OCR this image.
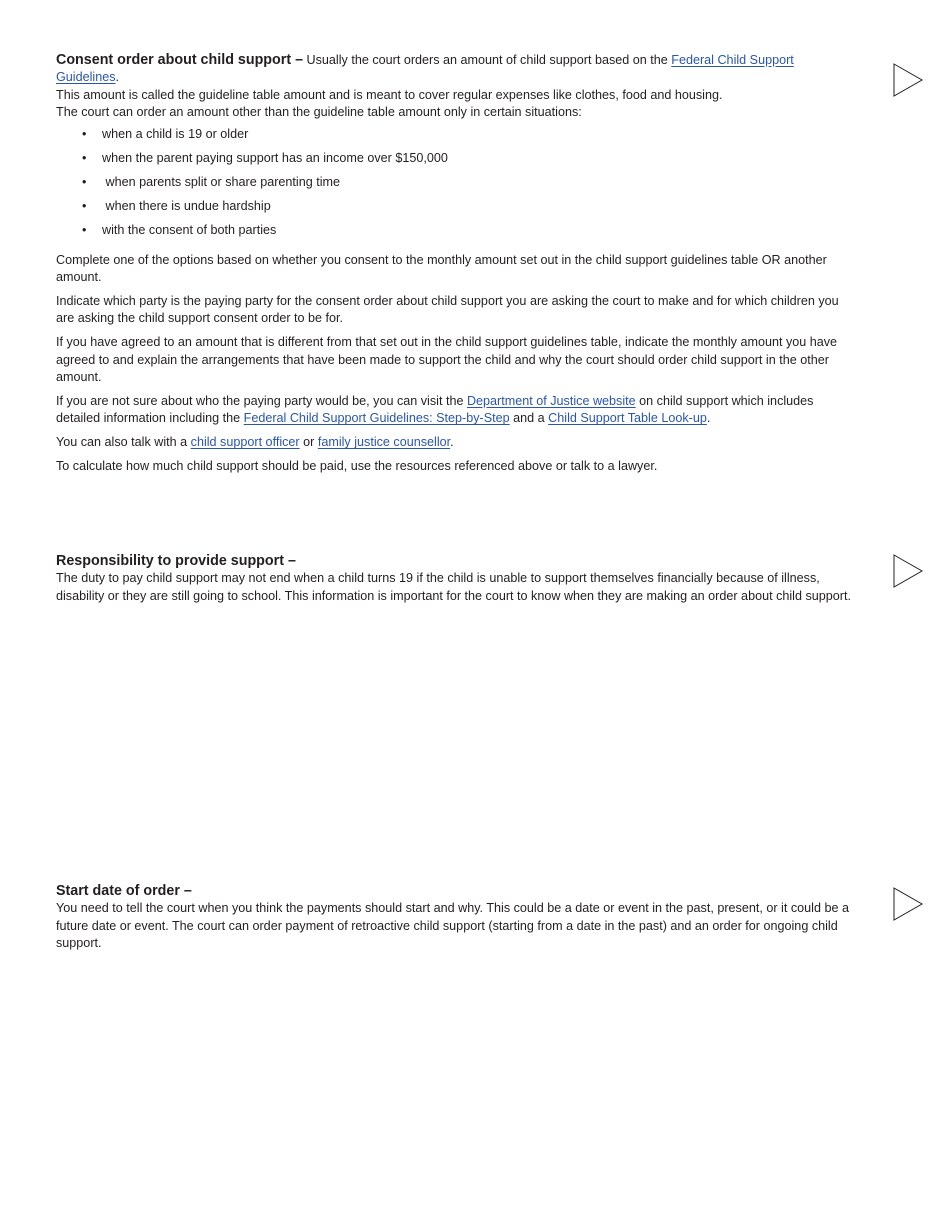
Consent order about child support – Usually the court orders an amount of child support based on the Federal Child Support Guidelines.

This amount is called the guideline table amount and is meant to cover regular expenses like clothes, food and housing.

The court can order an amount other than the guideline table amount only in certain situations:

• when a child is 19 or older
• when the parent paying support has an income over $150,000
• when parents split or share parenting time
• when there is undue hardship
• with the consent of both parties

Complete one of the options based on whether you consent to the monthly amount set out in the child support guidelines table OR another amount.

Indicate which party is the paying party for the consent order about child support you are asking the court to make and for which children you are asking the child support consent order to be for.

If you have agreed to an amount that is different from that set out in the child support guidelines table, indicate the monthly amount you have agreed to and explain the arrangements that have been made to support the child and why the court should order child support in the other amount.

If you are not sure about who the paying party would be, you can visit the Department of Justice website on child support which includes detailed information including the Federal Child Support Guidelines: Step-by-Step and a Child Support Table Look-up.

You can also talk with a child support officer or family justice counsellor.

To calculate how much child support should be paid, use the resources referenced above or talk to a lawyer.

Responsibility to provide support –

The duty to pay child support may not end when a child turns 19 if the child is unable to support themselves financially because of illness, disability or they are still going to school. This information is important for the court to know when they are making an order about child support.

Start date of order –

You need to tell the court when you think the payments should start and why. This could be a date or event in the past, present, or it could be a future date or event. The court can order payment of retroactive child support (starting from a date in the past) and an order for ongoing child support.
